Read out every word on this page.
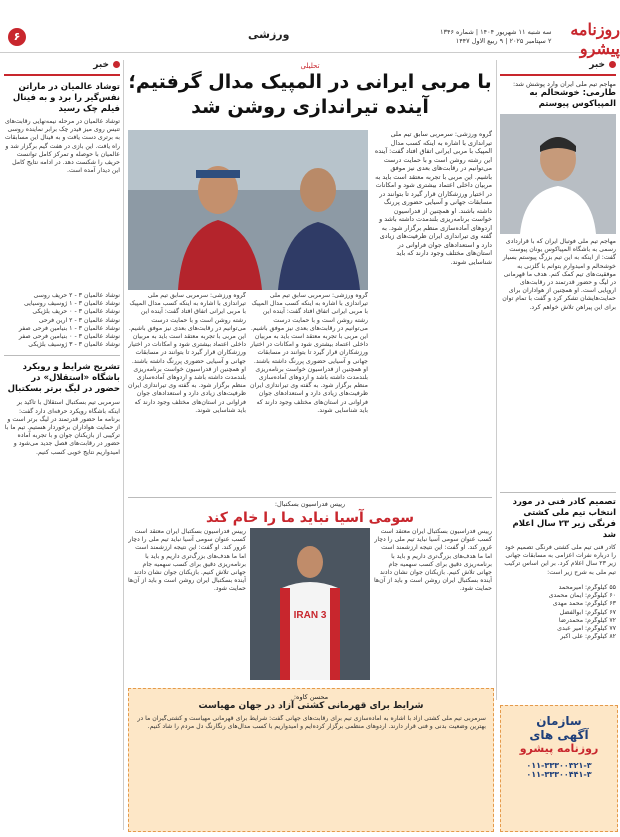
۶	ورزشی	سه شنبه ۱۱ شهریور ۱۴۰۴ | شماره ۱۳۴۶
۲ سپتامبر ۲۰۲۵ | ۹ ربیع الاول ۱۴۴۷
روزنامه پیشرو
خبر
توشاد عالمیان در ماراتن نفس‌گیر را برد و به فینال فیلم چک رسید
توشاد عالمیان در مرحله نیمه‌نهایی رقابت‌های تنیس روی میز فیدر چک برابر نماینده روسی به برتری دست یافت و به فینال این مسابقات راه یافت. این بازی در هفت گیم برگزار شد و عالمیان با حوصله و تمرکز کامل توانست حریف را شکست دهد. در ادامه نتایج کامل این دیدار آمده است.
نوشاد عالمیان ۳ - ۲ حریف روسی
نوشاد عالمیان ۳ - ۱ ژوسیف روسیایی
نوشاد عالمیان ۳ - ۰ حریف بلژیکی
نوشاد عالمیان ۳ - ۲ آرین فرحی
نوشاد عالمیان ۳ - ۱ بنیامین فرحی صفر
نوشاد عالمیان ۳ - ۰ بنیامین فرحی صفر
نوشاد عالمیان ۳ - ۳ ژوسیف بلژیکی
تشریح شرایط و رویکرد باشگاه «استقلال» در حضور در لیگ برتر بسکتبال
سرمربی تیم بسکتبال استقلال با تاکید بر اینکه باشگاه رویکرد حرفه‌ای دارد گفت: برنامه ما حضور قدرتمند در لیگ برتر است و از حمایت هواداران برخوردار هستیم. تیم ما با ترکیبی از بازیکنان جوان و با تجربه آماده حضور در رقابت‌های فصل جدید می‌شود و امیدواریم نتایج خوبی کسب کنیم.
خبر
مهاجم تیم ملی ایران وارد پوشش شد:
طارمی: خوشحالم به المپیاکوس پیوستم
مهاجم تیم ملی فوتبال ایران که با قراردادی رسمی به باشگاه المپیاکوس یونان پیوست گفت: از اینکه به این تیم بزرگ پیوستم بسیار خوشحالم و امیدوارم بتوانم با گلزنی به موفقیت‌های تیم کمک کنم. هدف ما قهرمانی در لیگ و حضور قدرتمند در رقابت‌های اروپایی است. او همچنین از هواداران برای حمایت‌هایشان تشکر کرد و گفت با تمام توان برای این پیراهن تلاش خواهم کرد.
تصمیم کادر فنی در مورد انتخاب تیم ملی کشتی فرنگی زیر ۲۳ سال اعلام شد
کادر فنی تیم ملی کشتی فرنگی تصمیم خود را درباره نفرات اعزامی به مسابقات جهانی زیر ۲۳ سال اعلام کرد. بر این اساس ترکیب تیم ملی به شرح زیر است:
۵۵ کیلوگرم: امیرمحمد
۶۰ کیلوگرم: ایمان محمدی
۶۳ کیلوگرم: محمد مهدی
۶۷ کیلوگرم: ابوالفضل
۷۲ کیلوگرم: محمدرضا
۷۷ کیلوگرم: امیر عبدی
۸۲ کیلوگرم: علی اکبر
تحلیلی
با مربی ایرانی در المپیک مدال گرفتیم؛
آینده تیراندازی روشن شد
گروه ورزشی: سرمربی سابق تیم ملی تیراندازی با اشاره به اینکه کسب مدال المپیک با مربی ایرانی اتفاق افتاد گفت: آینده این رشته روشن است و با حمایت درست می‌توانیم در رقابت‌های بعدی نیز موفق باشیم. این مربی با تجربه معتقد است باید به مربیان داخلی اعتماد بیشتری شود و امکانات در اختیار ورزشکاران قرار گیرد تا بتوانند در مسابقات جهانی و آسیایی حضوری پررنگ داشته باشند. او همچنین از فدراسیون خواست برنامه‌ریزی بلندمدت داشته باشد و اردوهای آماده‌سازی منظم برگزار شود. به گفته وی تیراندازی ایران ظرفیت‌های زیادی دارد و استعدادهای جوان فراوانی در استان‌های مختلف وجود دارند که باید شناسایی شوند.
گروه ورزشی: سرمربی سابق تیم ملی تیراندازی با اشاره به اینکه کسب مدال المپیک با مربی ایرانی اتفاق افتاد گفت: آینده این رشته روشن است و با حمایت درست می‌توانیم در رقابت‌های بعدی نیز موفق باشیم. این مربی با تجربه معتقد است باید به مربیان داخلی اعتماد بیشتری شود و امکانات در اختیار ورزشکاران قرار گیرد تا بتوانند در مسابقات جهانی و آسیایی حضوری پررنگ داشته باشند. او همچنین از فدراسیون خواست برنامه‌ریزی بلندمدت داشته باشد و اردوهای آماده‌سازی منظم برگزار شود. به گفته وی تیراندازی ایران ظرفیت‌های زیادی دارد و استعدادهای جوان فراوانی در استان‌های مختلف وجود دارند که باید شناسایی شوند.
گروه ورزشی: سرمربی سابق تیم ملی تیراندازی با اشاره به اینکه کسب مدال المپیک با مربی ایرانی اتفاق افتاد گفت: آینده این رشته روشن است و با حمایت درست می‌توانیم در رقابت‌های بعدی نیز موفق باشیم. این مربی با تجربه معتقد است باید به مربیان داخلی اعتماد بیشتری شود و امکانات در اختیار ورزشکاران قرار گیرد تا بتوانند در مسابقات جهانی و آسیایی حضوری پررنگ داشته باشند. او همچنین از فدراسیون خواست برنامه‌ریزی بلندمدت داشته باشد و اردوهای آماده‌سازی منظم برگزار شود. به گفته وی تیراندازی ایران ظرفیت‌های زیادی دارد و استعدادهای جوان فراوانی در استان‌های مختلف وجود دارند که باید شناسایی شوند.
رییس فدراسیون بسکتبال:
سومی آسیا نباید ما را خام کند
IRAN 3
رییس فدراسیون بسکتبال ایران معتقد است کسب عنوان سومی آسیا نباید تیم ملی را دچار غرور کند. او گفت: این نتیجه ارزشمند است اما ما هدف‌های بزرگ‌تری داریم و باید با برنامه‌ریزی دقیق برای کسب سهمیه جام جهانی تلاش کنیم. بازیکنان جوان نشان دادند آینده بسکتبال ایران روشن است و باید از آن‌ها حمایت شود.
رییس فدراسیون بسکتبال ایران معتقد است کسب عنوان سومی آسیا نباید تیم ملی را دچار غرور کند. او گفت: این نتیجه ارزشمند است اما ما هدف‌های بزرگ‌تری داریم و باید با برنامه‌ریزی دقیق برای کسب سهمیه جام جهانی تلاش کنیم. بازیکنان جوان نشان دادند آینده بسکتبال ایران روشن است و باید از آن‌ها حمایت شود.
محسن کاوه:
شرایط برای قهرمانی کشتی آزاد در جهان مهیاست
سرمربی تیم ملی کشتی آزاد با اشاره به آماده‌سازی تیم برای رقابت‌های جهانی گفت: شرایط برای قهرمانی مهیاست و کشتی‌گیران ما در بهترین وضعیت بدنی و فنی قرار دارند. اردوهای منظمی برگزار کرده‌ایم و امیدواریم با کسب مدال‌های رنگارنگ دل مردم را شاد کنیم.	سازمان
آگهی های
روزنامه پیشرو
۰۱۱-۳۳۳۰۰۳۲۱-۳
۰۱۱-۳۳۳۰۰۴۴۱-۳
